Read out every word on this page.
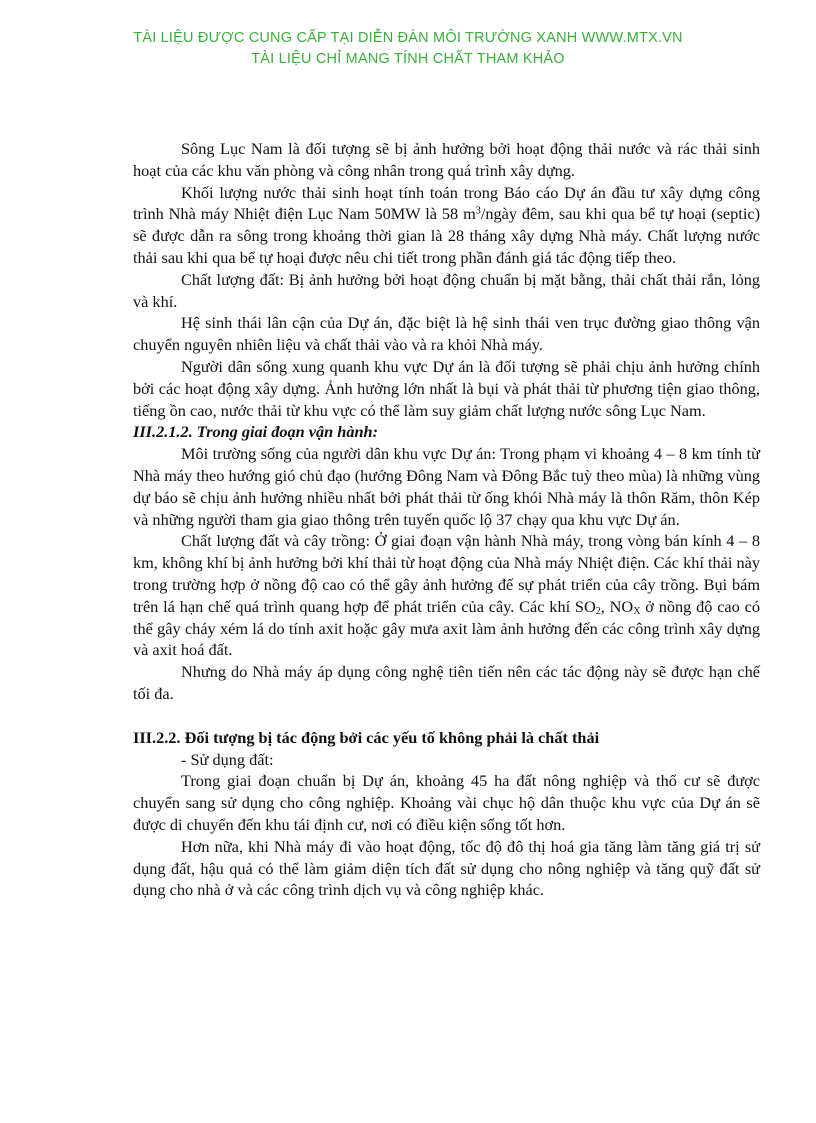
TÀI LIỆU ĐƯỢC CUNG CẤP TẠI DIỄN ĐÀN MÔI TRƯỜNG XANH WWW.MTX.VN
TÀI LIỆU CHỈ MANG TÍNH CHẤT THAM KHẢO

Sông Lục Nam là đối tượng sẽ bị ảnh hưởng bởi hoạt động thải nước và rác thải sinh hoạt của các khu văn phòng và công nhân trong quá trình xây dựng.

Khối lượng nước thải sinh hoạt tính toán trong Báo cáo Dự án đầu tư xây dựng công trình Nhà máy Nhiệt điện Lục Nam 50MW là 58 $m^3$/ngày đêm, sau khi qua bể tự hoại (septic) sẽ được dẫn ra sông trong khoảng thời gian là 28 tháng xây dựng Nhà máy. Chất lượng nước thải sau khi qua bể tự hoại được nêu chi tiết trong phần đánh giá tác động tiếp theo.

Chất lượng đất: Bị ảnh hưởng bởi hoạt động chuẩn bị mặt bằng, thải chất thải rắn, lỏng và khí.

Hệ sinh thái lân cận của Dự án, đặc biệt là hệ sinh thái ven trục đường giao thông vận chuyển nguyên nhiên liệu và chất thải vào và ra khỏi Nhà máy.

Người dân sống xung quanh khu vực Dự án là đối tượng sẽ phải chịu ảnh hưởng chính bởi các hoạt động xây dựng. Ảnh hưởng lớn nhất là bụi và phát thải từ phương tiện giao thông, tiếng ồn cao, nước thải từ khu vực có thể làm suy giảm chất lượng nước sông Lục Nam.

III.2.1.2. Trong giai đoạn vận hành:

Môi trường sống của người dân khu vực Dự án: Trong phạm vi khoảng 4 – 8 km tính từ Nhà máy theo hướng gió chủ đạo (hướng Đông Nam và Đông Bắc tuỳ theo mùa) là những vùng dự báo sẽ chịu ảnh hưởng nhiều nhất bởi phát thải từ ống khói Nhà máy là thôn Răm, thôn Kép và những người tham gia giao thông trên tuyến quốc lộ 37 chạy qua khu vực Dự án.

Chất lượng đất và cây trồng: Ở giai đoạn vận hành Nhà máy, trong vòng bán kính 4 – 8 km, không khí bị ảnh hưởng bởi khí thải từ hoạt động của Nhà máy Nhiệt điện. Các khí thải này trong trường hợp ở nồng độ cao có thể gây ảnh hưởng đế sự phát triển của cây trồng. Bụi bám trên lá hạn chế quá trình quang hợp để phát triển của cây. Các khí $SO_2$, $NO_X$ ở nồng độ cao có thể gây cháy xém lá do tính axit hoặc gây mưa axit làm ảnh hưởng đến các công trình xây dựng và axit hoá đất.

Nhưng do Nhà máy áp dụng công nghệ tiên tiến nên các tác động này sẽ được hạn chế tối đa.

III.2.2. Đối tượng bị tác động bởi các yếu tố không phải là chất thải

- Sử dụng đất:

Trong giai đoạn chuẩn bị Dự án, khoảng 45 ha đất nông nghiệp và thổ cư sẽ được chuyển sang sử dụng cho công nghiệp. Khoảng vài chục hộ dân thuộc khu vực của Dự án sẽ được di chuyển đến khu tái định cư, nơi có điều kiện sống tốt hơn.

Hơn nữa, khi Nhà máy đi vào hoạt động, tốc độ đô thị hoá gia tăng làm tăng giá trị sử dụng đất, hậu quả có thể làm giảm diện tích đất sử dụng cho nông nghiệp và tăng quỹ đất sử dụng cho nhà ở và các công trình dịch vụ và công nghiệp khác.
